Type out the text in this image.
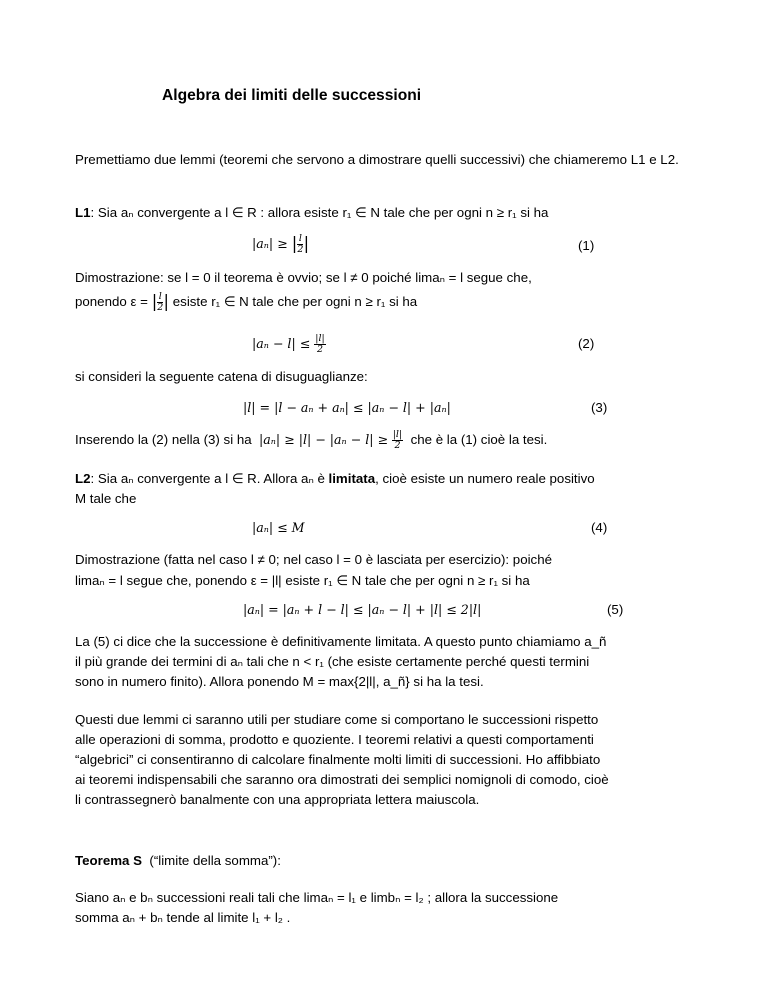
Algebra dei limiti delle successioni
Premettiamo due lemmi (teoremi che servono a dimostrare quelli successivi) che chiameremo L1 e L2.
L1: Sia aₙ convergente a l ∈ R : allora esiste r₁ ∈ N tale che per ogni n ≥ r₁ si ha
|aₙ| ≥ | $\frac{l}{2}$ |	(1)
Dimostrazione: se l = 0 il teorema è ovvio; se l ≠ 0 poiché limaₙ = l segue che,
ponendo ε = | $\frac{l}{2}$ | esiste r₁ ∈ N tale che per ogni n ≥ r₁ si ha
$|a_n - l| \le \frac{|l|}{2}$	(2)
si consideri la seguente catena di disuguaglianze:
|l| = |l − aₙ + aₙ| ≤ |aₙ − l| + |aₙ|	(3)
Inserendo la (2) nella (3) si ha $|a_n| \ge |l| - |a_n - l| \ge \frac{|l|}{2}$ che è la (1) cioè la tesi.
L2: Sia aₙ convergente a l ∈ R. Allora aₙ è limitata, cioè esiste un numero reale positivo
M tale che
|aₙ| ≤ M	(4)
Dimostrazione (fatta nel caso l ≠ 0; nel caso l = 0 è lasciata per esercizio): poiché
limaₙ = l segue che, ponendo ε = |l| esiste r₁ ∈ N tale che per ogni n ≥ r₁ si ha
|aₙ| = |aₙ + l − l| ≤ |aₙ − l| + |l| ≤ 2|l|	(5)
La (5) ci dice che la successione è definitivamente limitata. A questo punto chiamiamo a_ñ
il più grande dei termini di aₙ tali che n < r₁ (che esiste certamente perché questi termini
sono in numero finito). Allora ponendo M = max{2|l|, a_ñ} si ha la tesi.
Questi due lemmi ci saranno utili per studiare come si comportano le successioni rispetto
alle operazioni di somma, prodotto e quoziente. I teoremi relativi a questi comportamenti
“algebrici” ci consentiranno di calcolare finalmente molti limiti di successioni. Ho affibbiato
ai teoremi indispensabili che saranno ora dimostrati dei semplici nomignoli di comodo, cioè
li contrassegnerò banalmente con una appropriata lettera maiuscola.
Teorema S (“limite della somma”):
Siano aₙ e bₙ successioni reali tali che limaₙ = l₁ e limbₙ = l₂ ; allora la successione
somma aₙ + bₙ tende al limite l₁ + l₂ .
